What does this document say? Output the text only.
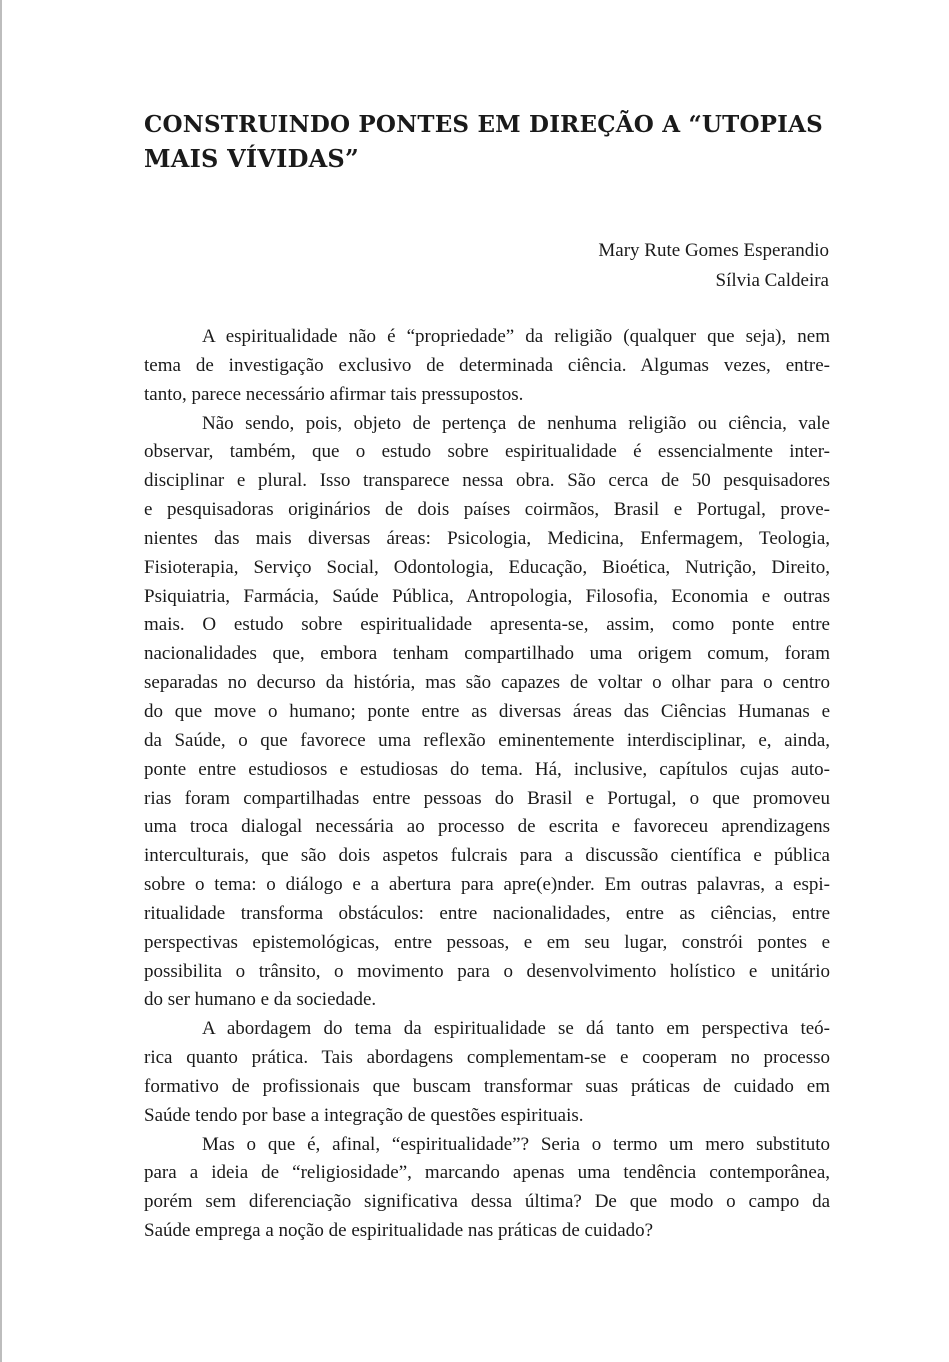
CONSTRUINDO PONTES EM DIREÇÃO A “UTOPIAS
MAIS VÍVIDAS”
Mary Rute Gomes Esperandio
Sílvia Caldeira
A espiritualidade não é “propriedade” da religião (qualquer que seja), nem
tema de investigação exclusivo de determinada ciência. Algumas vezes, entre-
tanto, parece necessário afirmar tais pressupostos.
Não sendo, pois, objeto de pertença de nenhuma religião ou ciência, vale
observar, também, que o estudo sobre espiritualidade é essencialmente inter-
disciplinar e plural. Isso transparece nessa obra. São cerca de 50 pesquisadores
e pesquisadoras originários de dois países coirmãos, Brasil e Portugal, prove-
nientes das mais diversas áreas: Psicologia, Medicina, Enfermagem, Teologia,
Fisioterapia, Serviço Social, Odontologia, Educação, Bioética, Nutrição, Direito,
Psiquiatria, Farmácia, Saúde Pública, Antropologia, Filosofia, Economia e outras
mais. O estudo sobre espiritualidade apresenta-se, assim, como ponte entre
nacionalidades que, embora tenham compartilhado uma origem comum, foram
separadas no decurso da história, mas são capazes de voltar o olhar para o centro
do que move o humano; ponte entre as diversas áreas das Ciências Humanas e
da Saúde, o que favorece uma reflexão eminentemente interdisciplinar, e, ainda,
ponte entre estudiosos e estudiosas do tema. Há, inclusive, capítulos cujas auto-
rias foram compartilhadas entre pessoas do Brasil e Portugal, o que promoveu
uma troca dialogal necessária ao processo de escrita e favoreceu aprendizagens
interculturais, que são dois aspetos fulcrais para a discussão científica e pública
sobre o tema: o diálogo e a abertura para apre(e)nder. Em outras palavras, a espi-
ritualidade transforma obstáculos: entre nacionalidades, entre as ciências, entre
perspectivas epistemológicas, entre pessoas, e em seu lugar, constrói pontes e
possibilita o trânsito, o movimento para o desenvolvimento holístico e unitário
do ser humano e da sociedade.
A abordagem do tema da espiritualidade se dá tanto em perspectiva teó-
rica quanto prática. Tais abordagens complementam-se e cooperam no processo
formativo de profissionais que buscam transformar suas práticas de cuidado em
Saúde tendo por base a integração de questões espirituais.
Mas o que é, afinal, “espiritualidade”? Seria o termo um mero substituto
para a ideia de “religiosidade”, marcando apenas uma tendência contemporânea,
porém sem diferenciação significativa dessa última? De que modo o campo da
Saúde emprega a noção de espiritualidade nas práticas de cuidado?
